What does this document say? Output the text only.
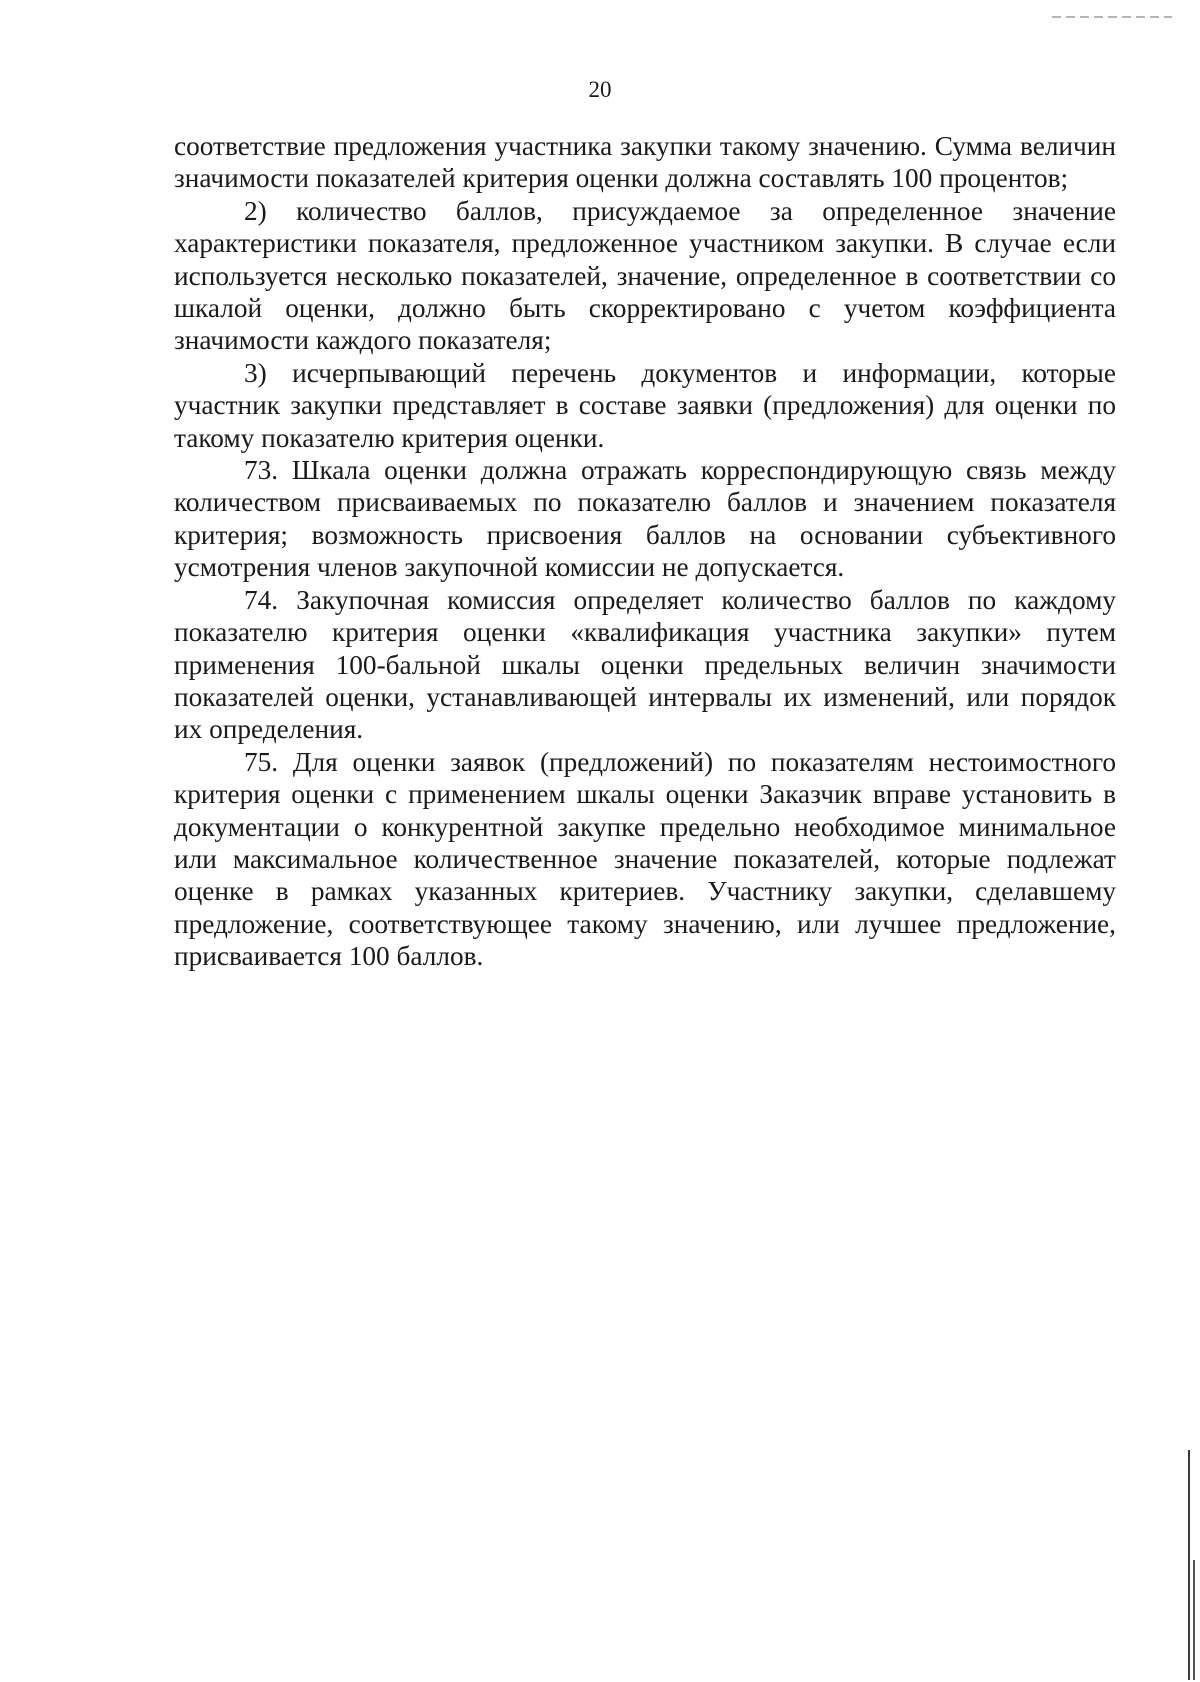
20

соответствие предложения участника закупки такому значению. Сумма величин значимости показателей критерия оценки должна составлять 100 процентов;

2) количество баллов, присуждаемое за определенное значение характеристики показателя, предложенное участником закупки. В случае если используется несколько показателей, значение, определенное в соответствии со шкалой оценки, должно быть скорректировано с учетом коэффициента значимости каждого показателя;

3) исчерпывающий перечень документов и информации, которые участник закупки представляет в составе заявки (предложения) для оценки по такому показателю критерия оценки.

73. Шкала оценки должна отражать корреспондирующую связь между количеством присваиваемых по показателю баллов и значением показателя критерия; возможность присвоения баллов на основании субъективного усмотрения членов закупочной комиссии не допускается.

74. Закупочная комиссия определяет количество баллов по каждому показателю критерия оценки «квалификация участника закупки» путем применения 100-бальной шкалы оценки предельных величин значимости показателей оценки, устанавливающей интервалы их изменений, или порядок их определения.

75. Для оценки заявок (предложений) по показателям нестоимостного критерия оценки с применением шкалы оценки Заказчик вправе установить в документации о конкурентной закупке предельно необходимое минимальное или максимальное количественное значение показателей, которые подлежат оценке в рамках указанных критериев. Участнику закупки, сделавшему предложение, соответствующее такому значению, или лучшее предложение, присваивается 100 баллов.
